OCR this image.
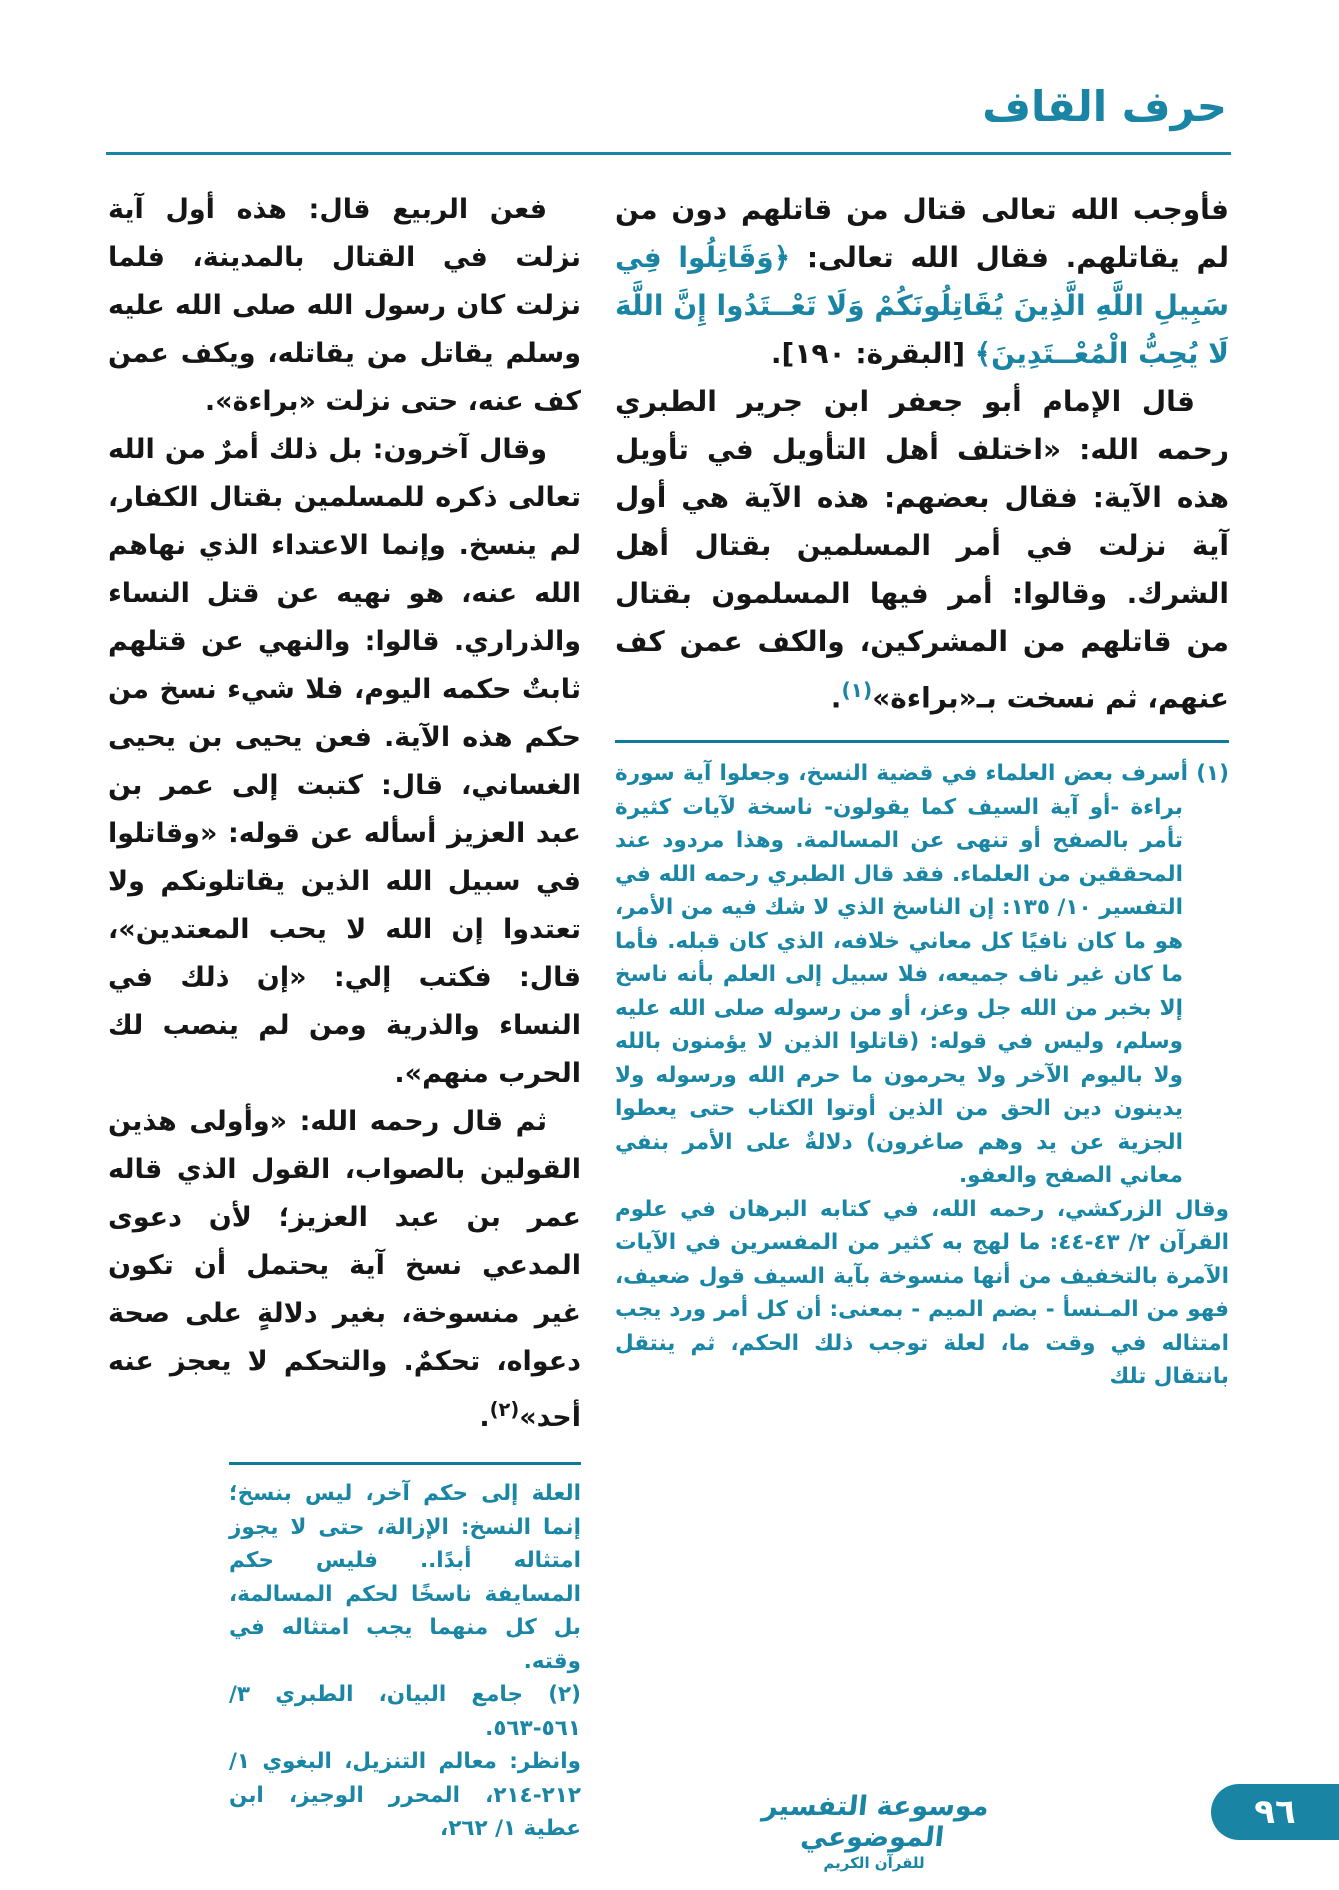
حرف القاف

فأوجب الله تعالى قتال من قاتلهم دون من لم يقاتلهم. فقال الله تعالى: ﴿وَقَاتِلُوا فِي سَبِيلِ اللَّهِ الَّذِينَ يُقَاتِلُونَكُمْ وَلَا تَعْــتَدُوا إِنَّ اللَّهَ لَا يُحِبُّ الْمُعْــتَدِينَ﴾ [البقرة: ١٩٠].

قال الإمام أبو جعفر ابن جرير الطبري رحمه الله: «اختلف أهل التأويل في تأويل هذه الآية: فقال بعضهم: هذه الآية هي أول آية نزلت في أمر المسلمين بقتال أهل الشرك. وقالوا: أمر فيها المسلمون بقتال من قاتلهم من المشركين، والكف عمن كف عنهم، ثم نسخت بـ«براءة»$^{(١)}$.

(١) أسرف بعض العلماء في قضية النسخ، وجعلوا آية سورة براءة -أو آية السيف كما يقولون- ناسخة لآيات كثيرة تأمر بالصفح أو تنهى عن المسالمة. وهذا مردود عند المحققين من العلماء. فقد قال الطبري رحمه الله في التفسير ١٠/ ١٣٥: إن الناسخ الذي لا شك فيه من الأمر، هو ما كان نافيًا كل معاني خلافه، الذي كان قبله. فأما ما كان غير ناف جميعه، فلا سبيل إلى العلم بأنه ناسخ إلا بخبر من الله جل وعز، أو من رسوله صلى الله عليه وسلم، وليس في قوله: (قاتلوا الذين لا يؤمنون بالله ولا باليوم الآخر ولا يحرمون ما حرم الله ورسوله ولا يدينون دين الحق من الذين أوتوا الكتاب حتى يعطوا الجزية عن يد وهم صاغرون) دلالةٌ على الأمر بنفي معاني الصفح والعفو.

وقال الزركشي، رحمه الله، في كتابه البرهان في علوم القرآن ٢/ ٤٣-٤٤: ما لهج به كثير من المفسرين في الآيات الآمرة بالتخفيف من أنها منسوخة بآية السيف قول ضعيف، فهو من المـنسأ - بضم الميم - بمعنى: أن كل أمر ورد يجب امتثاله في وقت ما، لعلة توجب ذلك الحكم، ثم ينتقل بانتقال تلك

فعن الربيع قال: هذه أول آية نزلت في القتال بالمدينة، فلما نزلت كان رسول الله صلى الله عليه وسلم يقاتل من يقاتله، ويكف عمن كف عنه، حتى نزلت «براءة».

وقال آخرون: بل ذلك أمرٌ من الله تعالى ذكره للمسلمين بقتال الكفار، لم ينسخ. وإنما الاعتداء الذي نهاهم الله عنه، هو نهيه عن قتل النساء والذراري. قالوا: والنهي عن قتلهم ثابتٌ حكمه اليوم، فلا شيء نسخ من حكم هذه الآية. فعن يحيى بن يحيى الغساني، قال: كتبت إلى عمر بن عبد العزيز أسأله عن قوله: «وقاتلوا في سبيل الله الذين يقاتلونكم ولا تعتدوا إن الله لا يحب المعتدين»، قال: فكتب إلي: «إن ذلك في النساء والذرية ومن لم ينصب لك الحرب منهم».

ثم قال رحمه الله: «وأولى هذين القولين بالصواب، القول الذي قاله عمر بن عبد العزيز؛ لأن دعوى المدعي نسخ آية يحتمل أن تكون غير منسوخة، بغير دلالةٍ على صحة دعواه، تحكمٌ. والتحكم لا يعجز عنه أحد»$^{(٢)}$.

العلة إلى حكم آخر، ليس بنسخ؛ إنما النسخ: الإزالة، حتى لا يجوز امتثاله أبدًا.. فليس حكم المسايفة ناسخًا لحكم المسالمة، بل كل منهما يجب امتثاله في وقته.

(٢) جامع البيان، الطبري ٣/ ٥٦١-٥٦٣.

وانظر: معالم التنزيل، البغوي ١/ ٢١٢-٢١٤، المحرر الوجيز، ابن عطية ١/ ٢٦٢،

موسوعة التفسير الموضوعي
للقرآن الكريم
٩٦
